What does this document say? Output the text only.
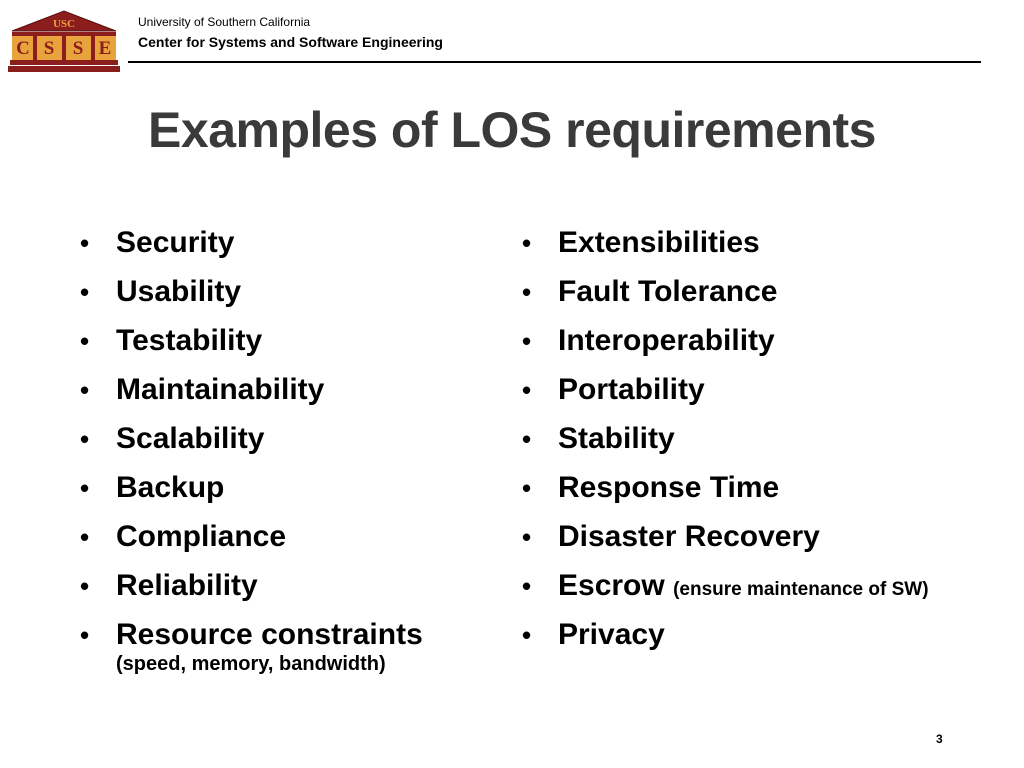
USC
C S S E
University of Southern California
Center for Systems and Software Engineering
Examples of LOS requirements
• Security
• Usability
• Testability
• Maintainability
• Scalability
• Backup
• Compliance
• Reliability
• Resource constraints
(speed, memory, bandwidth)
• Extensibilities
• Fault Tolerance
• Interoperability
• Portability
• Stability
• Response Time
• Disaster Recovery
• Escrow (ensure maintenance of SW)
• Privacy
3
